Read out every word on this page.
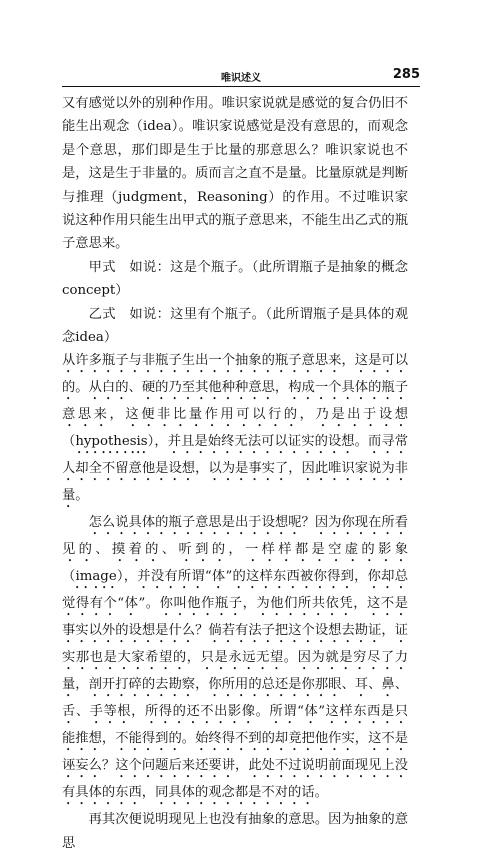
唯识述义	285

又有感觉以外的别种作用。唯识家说就是感觉的复合仍旧不能生出观念（idea）。唯识家说感觉是没有意思的，而观念是个意思，那们即是生于比量的那意思么？唯识家说也不是，这是生于非量的。质而言之直不是量。比量原就是判断与推理（judgment，Reasoning）的作用。不过唯识家说这种作用只能生出甲式的瓶子意思来，不能生出乙式的瓶子意思来。

甲式　如说：这是个瓶子。（此所谓瓶子是抽象的概念concept）

乙式　如说：这里有个瓶子。（此所谓瓶子是具体的观念idea）

从许多瓶子与非瓶子生出一个抽象的瓶子意思来，这是可以的。从白的、硬的乃至其他种种意思，构成一个具体的瓶子意思来，这便非比量作用可以行的，乃是出于设想（hypothesis），并且是始终无法可以证实的设想。而寻常人却全不留意他是设想，以为是事实了，因此唯识家说为非量。

怎么说具体的瓶子意思是出于设想呢？因为你现在所看见的、摸着的、听到的，一样样都是空虚的影象（image），并没有所谓“体”的这样东西被你得到，你却总觉得有个“体”。你叫他作瓶子，为他们所共依凭，这不是事实以外的设想是什么？倘若有法子把这个设想去勘证，证实那也是大家希望的，只是永远无望。因为就是穷尽了力量，剖开打碎的去勘察，你所用的总还是你那眼、耳、鼻、舌、手等根，所得的还不出影像。所谓“体”这样东西是只能推想，不能得到的。始终得不到的却竟把他作实，这不是诬妄么？这个问题后来还要讲，此处不过说明前面现见上没有具体的东西，同具体的观念都是不对的话。

再其次便说明现见上也没有抽象的意思。因为抽象的意思
